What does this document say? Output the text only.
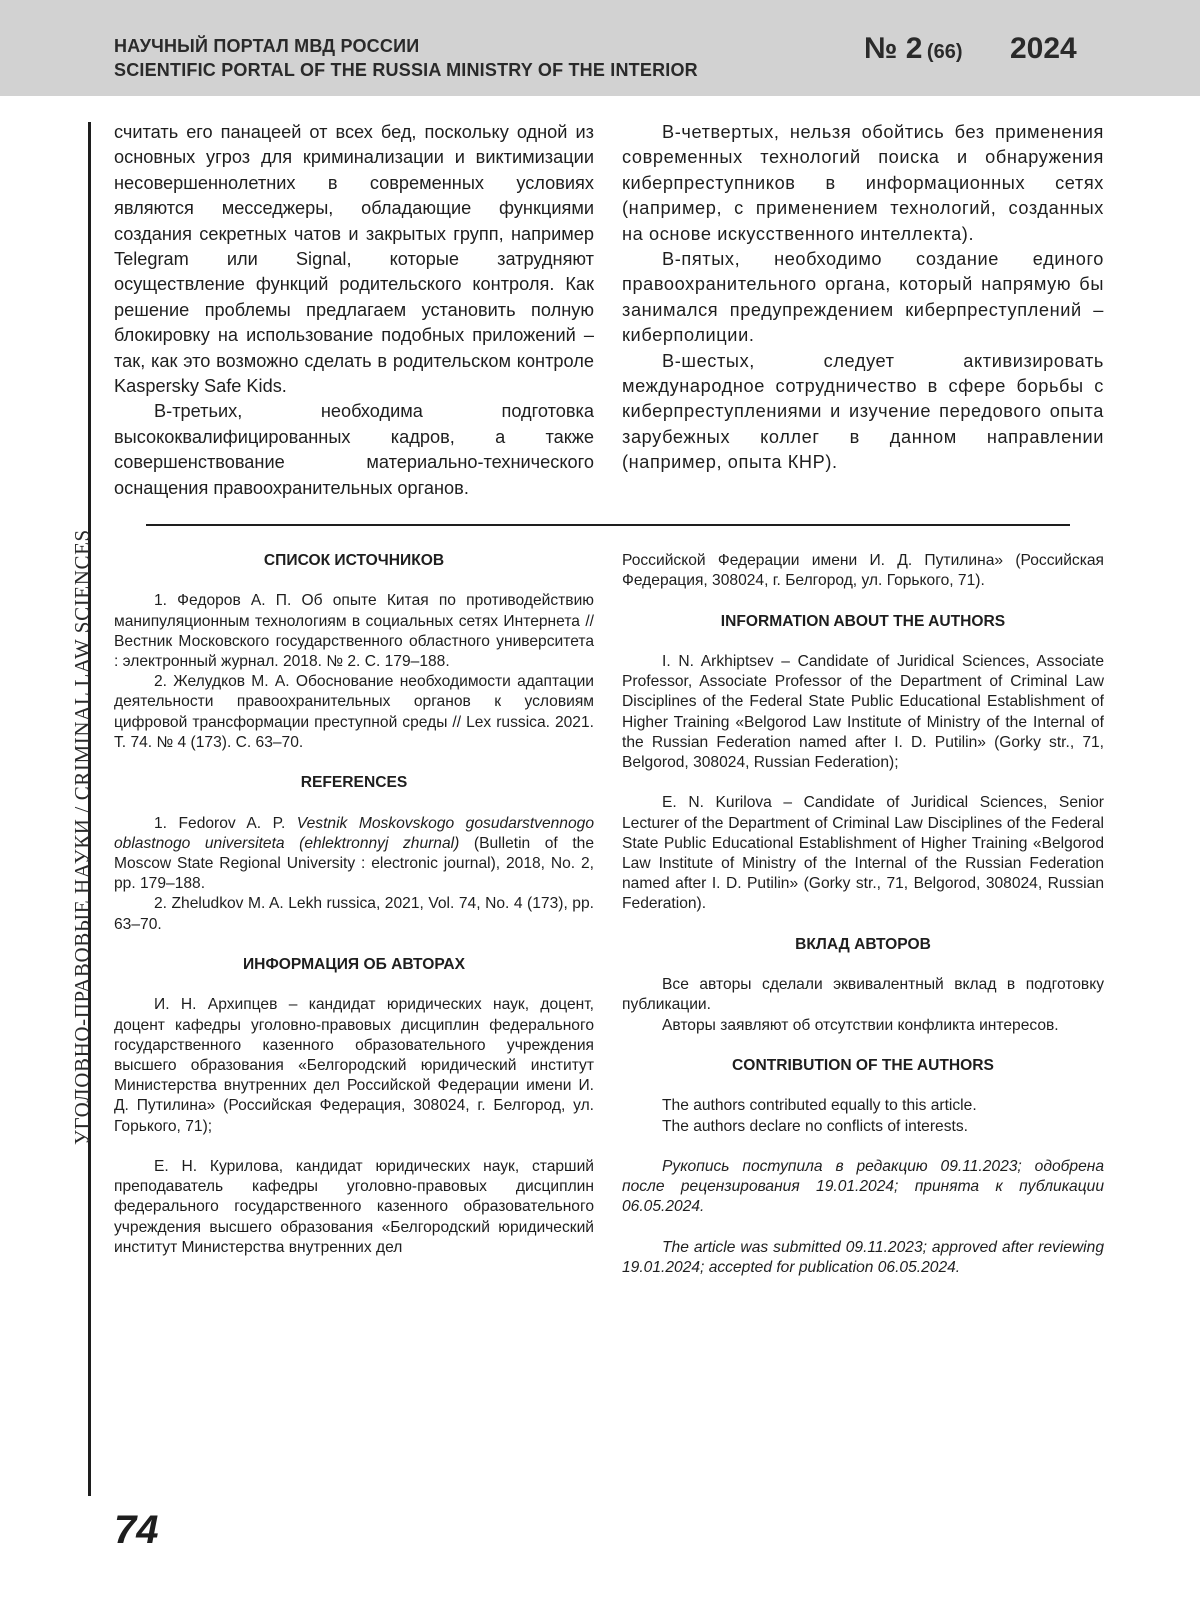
НАУЧНЫЙ ПОРТАЛ МВД РОССИИ
SCIENTIFIC PORTAL OF THE RUSSIA MINISTRY OF THE INTERIOR
№ 2 (66) 2024
УГОЛОВНО-ПРАВОВЫЕ НАУКИ / CRIMINAL LAW SCIENCES

считать его панацеей от всех бед, поскольку одной из основных угроз для криминализации и виктимизации несовершеннолетних в современных условиях являются месседжеры, обладающие функциями создания секретных чатов и закрытых групп, например Telegram или Signal, которые затрудняют осуществление функций родительского контроля. Как решение проблемы предлагаем установить полную блокировку на использование подобных приложений – так, как это возможно сделать в родительском контроле Kaspersky Safe Kids.

В-третьих, необходима подготовка высококвалифицированных кадров, а также совершенствование материально-технического оснащения правоохранительных органов.

В-четвертых, нельзя обойтись без применения современных технологий поиска и обнаружения киберпреступников в информационных сетях (например, с применением технологий, созданных на основе искусственного интеллекта).

В-пятых, необходимо создание единого правоохранительного органа, который напрямую бы занимался предупреждением киберпреступлений – киберполиции.

В-шестых, следует активизировать международное сотрудничество в сфере борьбы с киберпреступлениями и изучение передового опыта зарубежных коллег в данном направлении (например, опыта КНР).

СПИСОК ИСТОЧНИКОВ

1. Федоров А. П. Об опыте Китая по противодействию манипуляционным технологиям в социальных сетях Интернета // Вестник Московского государственного областного университета : электронный журнал. 2018. № 2. С. 179–188.

2. Желудков М. А. Обоснование необходимости адаптации деятельности правоохранительных органов к условиям цифровой трансформации преступной среды // Lex russica. 2021. Т. 74. № 4 (173). С. 63–70.

REFERENCES

1. Fedorov A. P. Vestnik Moskovskogo gosudarstvennogo oblastnogo universiteta (ehlektronnyj zhurnal) (Bulletin of the Moscow State Regional University : electronic journal), 2018, No. 2, pp. 179–188.

2. Zheludkov M. A. Lekh russica, 2021, Vol. 74, No. 4 (173), pp. 63–70.

ИНФОРМАЦИЯ ОБ АВТОРАХ

И. Н. Архипцев – кандидат юридических наук, доцент, доцент кафедры уголовно-правовых дисциплин федерального государственного казенного образовательного учреждения высшего образования «Белгородский юридический институт Министерства внутренних дел Российской Федерации имени И. Д. Путилина» (Российская Федерация, 308024, г. Белгород, ул. Горького, 71);

Е. Н. Курилова, кандидат юридических наук, старший преподаватель кафедры уголовно-правовых дисциплин федерального государственного казенного образовательного учреждения высшего образования «Белгородский юридический институт Министерства внутренних дел

Российской Федерации имени И. Д. Путилина» (Российская Федерация, 308024, г. Белгород, ул. Горького, 71).

INFORMATION ABOUT THE AUTHORS

I. N. Arkhiptsev – Candidate of Juridical Sciences, Associate Professor, Associate Professor of the Department of Criminal Law Disciplines of the Federal State Public Educational Establishment of Higher Training «Belgorod Law Institute of Ministry of the Internal of the Russian Federation named after I. D. Putilin» (Gorky str., 71, Belgorod, 308024, Russian Federation);

E. N. Kurilova – Candidate of Juridical Sciences, Senior Lecturer of the Department of Criminal Law Disciplines of the Federal State Public Educational Establishment of Higher Training «Belgorod Law Institute of Ministry of the Internal of the Russian Federation named after I. D. Putilin» (Gorky str., 71, Belgorod, 308024, Russian Federation).

ВКЛАД АВТОРОВ

Все авторы сделали эквивалентный вклад в подготовку публикации.

Авторы заявляют об отсутствии конфликта интересов.

CONTRIBUTION OF THE AUTHORS

The authors contributed equally to this article.

The authors declare no conflicts of interests.

Рукопись поступила в редакцию 09.11.2023; одобрена после рецензирования 19.01.2024; принята к публикации 06.05.2024.

The article was submitted 09.11.2023; approved after reviewing 19.01.2024; accepted for publication 06.05.2024.

74
